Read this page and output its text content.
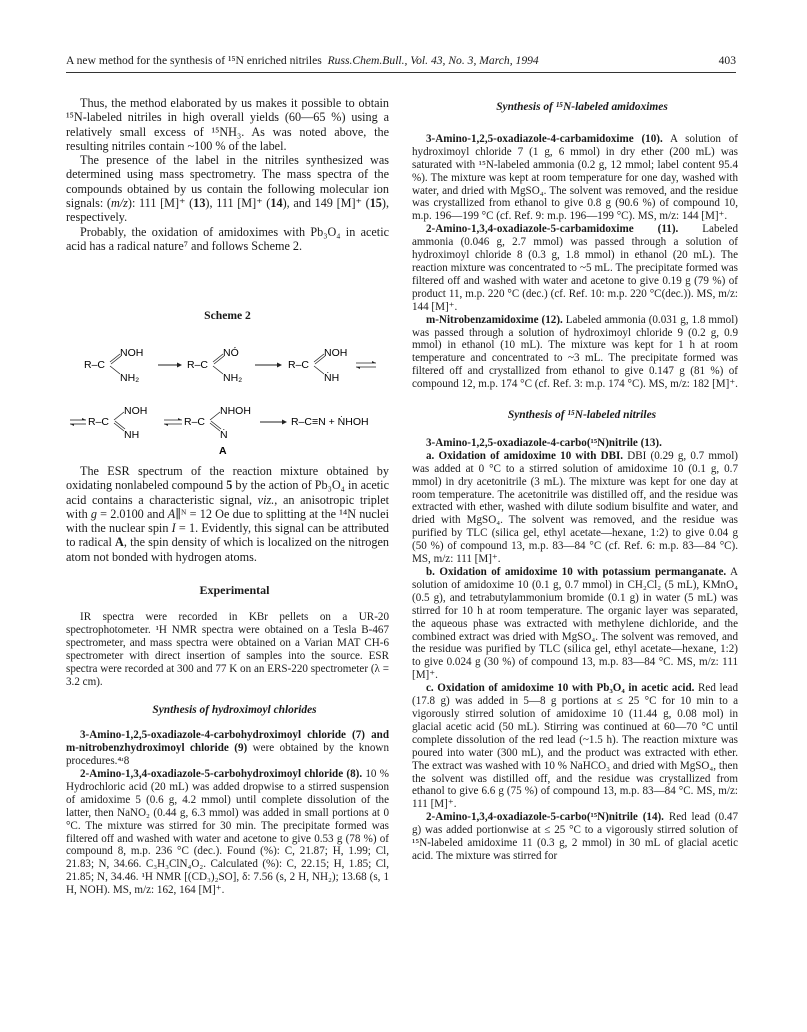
A new method for the synthesis of ¹⁵N enriched nitriles Russ.Chem.Bull., Vol. 43, No. 3, March, 1994	403

Thus, the method elaborated by us makes it possible to obtain ¹⁵N-labeled nitriles in high overall yields (60—65 %) using a relatively small excess of ¹⁵NH₃. As was noted above, the resulting nitriles contain ~100 % of the label.

The presence of the label in the nitriles synthesized was determined using mass spectrometry. The mass spectra of the compounds obtained by us contain the following molecular ion signals: (m/z): 111 [M]⁺ (13), 111 [M]⁺ (14), and 149 [M]⁺ (15), respectively.

Probably, the oxidation of amidoximes with Pb₃O₄ in acetic acid has a radical nature⁷ and follows Scheme 2.

Scheme 2
R–C
NOH
NH₂
R–C
NÓ
NH₂
R–C
NOH
ṄH
R–C
NOH
NH
R–C
NHOH
Ṅ
A
R–C≡N + ṄHOH

The ESR spectrum of the reaction mixture obtained by oxidating nonlabeled compound 5 by the action of Pb₃O₄ in acetic acid contains a characteristic signal, viz., an anisotropic triplet with g = 2.0100 and A∥ᴺ = 12 Oe due to splitting at the ¹⁴N nuclei with the nuclear spin I = 1. Evidently, this signal can be attributed to radical A, the spin density of which is localized on the nitrogen atom not bonded with hydrogen atoms.

Experimental

IR spectra were recorded in KBr pellets on a UR-20 spectrophotometer. ¹H NMR spectra were obtained on a Tesla B-467 spectrometer, and mass spectra were obtained on a Varian MAT CH-6 spectrometer with direct insertion of samples into the source. ESR spectra were recorded at 300 and 77 K on an ERS-220 spectrometer (λ = 3.2 cm).

Synthesis of hydroximoyl chlorides

3-Amino-1,2,5-oxadiazole-4-carbohydroximoyl chloride (7) and m-nitrobenzhydroximoyl chloride (9) were obtained by the known procedures.⁴ʴ8

2-Amino-1,3,4-oxadiazole-5-carbohydroximoyl chloride (8). 10 % Hydrochloric acid (20 mL) was added dropwise to a stirred suspension of amidoxime 5 (0.6 g, 4.2 mmol) until complete dissolution of the latter, then NaNO₂ (0.44 g, 6.3 mmol) was added in small portions at 0 °C. The mixture was stirred for 30 min. The precipitate formed was filtered off and washed with water and acetone to give 0.53 g (78 %) of compound 8, m.p. 236 °C (dec.). Found (%): C, 21.87; H, 1.99; Cl, 21.83; N, 34.66. C₃H₃ClN₄O₂. Calculated (%): C, 22.15; H, 1.85; Cl, 21.85; N, 34.46. ¹H NMR [(CD₃)₂SO], δ: 7.56 (s, 2 H, NH₂); 13.68 (s, 1 H, NOH). MS, m/z: 162, 164 [M]⁺.

Synthesis of ¹⁵N-labeled amidoximes

3-Amino-1,2,5-oxadiazole-4-carbamidoxime (10). A solution of hydroximoyl chloride 7 (1 g, 6 mmol) in dry ether (200 mL) was saturated with ¹⁵N-labeled ammonia (0.2 g, 12 mmol; label content 95.4 %). The mixture was kept at room temperature for one day, washed with water, and dried with MgSO₄. The solvent was removed, and the residue was crystallized from ethanol to give 0.8 g (90.6 %) of compound 10, m.p. 196—199 °C (cf. Ref. 9: m.p. 196—199 °C). MS, m/z: 144 [M]⁺.

2-Amino-1,3,4-oxadiazole-5-carbamidoxime (11). Labeled ammonia (0.046 g, 2.7 mmol) was passed through a solution of hydroximoyl chloride 8 (0.3 g, 1.8 mmol) in ethanol (20 mL). The reaction mixture was concentrated to ~5 mL. The precipitate formed was filtered off and washed with water and acetone to give 0.19 g (79 %) of product 11, m.p. 220 °C (dec.) (cf. Ref. 10: m.p. 220 °C(dec.)). MS, m/z: 144 [M]⁺.

m-Nitrobenzamidoxime (12). Labeled ammonia (0.031 g, 1.8 mmol) was passed through a solution of hydroximoyl chloride 9 (0.2 g, 0.9 mmol) in ethanol (10 mL). The mixture was kept for 1 h at room temperature and concentrated to ~3 mL. The precipitate formed was filtered off and crystallized from ethanol to give 0.147 g (81 %) of compound 12, m.p. 174 °C (cf. Ref. 3: m.p. 174 °C). MS, m/z: 182 [M]⁺.

Synthesis of ¹⁵N-labeled nitriles

3-Amino-1,2,5-oxadiazole-4-carbo(¹⁵N)nitrile (13).

a. Oxidation of amidoxime 10 with DBI. DBI (0.29 g, 0.7 mmol) was added at 0 °C to a stirred solution of amidoxime 10 (0.1 g, 0.7 mmol) in dry acetonitrile (3 mL). The mixture was kept for one day at room temperature. The acetonitrile was distilled off, and the residue was extracted with ether, washed with dilute sodium bisulfite and water, and dried with MgSO₄. The solvent was removed, and the residue was purified by TLC (silica gel, ethyl acetate—hexane, 1:2) to give 0.04 g (50 %) of compound 13, m.p. 83—84 °C (cf. Ref. 6: m.p. 83—84 °C). MS, m/z: 111 [M]⁺.

b. Oxidation of amidoxime 10 with potassium permanganate. A solution of amidoxime 10 (0.1 g, 0.7 mmol) in CH₂Cl₂ (5 mL), KMnO₄ (0.5 g), and tetrabutylammonium bromide (0.1 g) in water (5 mL) was stirred for 10 h at room temperature. The organic layer was separated, the aqueous phase was extracted with methylene dichloride, and the combined extract was dried with MgSO₄. The solvent was removed, and the residue was purified by TLC (silica gel, ethyl acetate—hexane, 1:2) to give 0.024 g (30 %) of compound 13, m.p. 83—84 °C. MS, m/z: 111 [M]⁺.

c. Oxidation of amidoxime 10 with Pb₃O₄ in acetic acid. Red lead (17.8 g) was added in 5—8 g portions at ≤ 25 °C for 10 min to a vigorously stirred solution of amidoxime 10 (11.44 g, 0.08 mol) in glacial acetic acid (50 mL). Stirring was continued at 60—70 °C until complete dissolution of the red lead (~1.5 h). The reaction mixture was poured into water (300 mL), and the product was extracted with ether. The extract was washed with 10 % NaHCO₃ and dried with MgSO₄, then the solvent was distilled off, and the residue was crystallized from ethanol to give 6.6 g (75 %) of compound 13, m.p. 83—84 °C. MS, m/z: 111 [M]⁺.

2-Amino-1,3,4-oxadiazole-5-carbo(¹⁵N)nitrile (14). Red lead (0.47 g) was added portionwise at ≤ 25 °C to a vigorously stirred solution of ¹⁵N-labeled amidoxime 11 (0.3 g, 2 mmol) in 30 mL of glacial acetic acid. The mixture was stirred for
